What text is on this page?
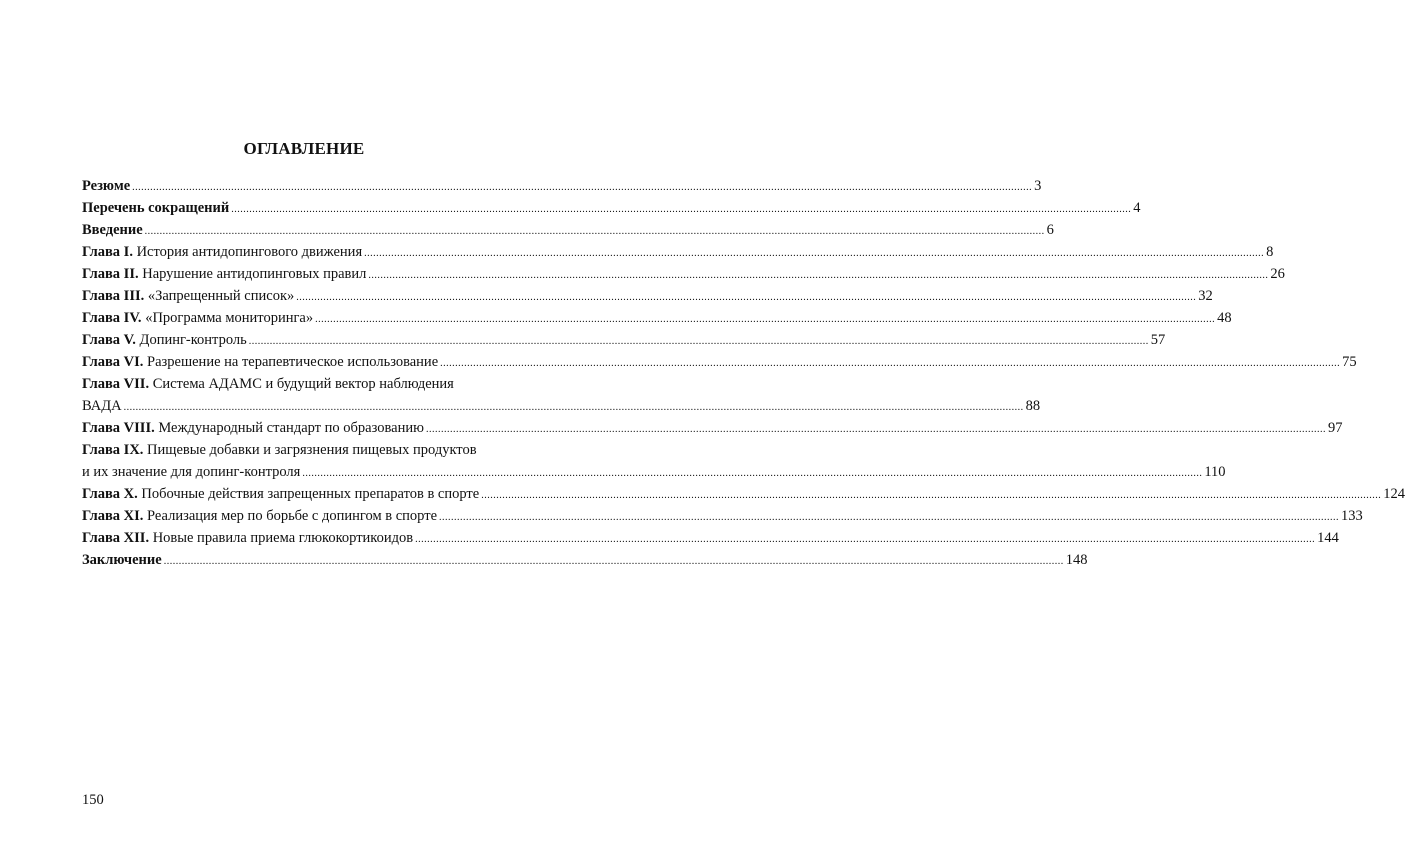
ОГЛАВЛЕНИЕ
Резюме ............................................................................................................................................................................................................................................................................................................ 3
Перечень сокращений ............................................................................................................................................................................................................................................................................................................ 4
Введение ............................................................................................................................................................................................................................................................................................................ 6
Глава I.
История антидопингового движения ............................................................................................................................................................................................................................................................................................................ 8
Глава II.
Нарушение антидопинговых правил ............................................................................................................................................................................................................................................................................................................ 26
Глава III.
«Запрещенный список» ............................................................................................................................................................................................................................................................................................................ 32
Глава IV.
«Программа мониторинга» ............................................................................................................................................................................................................................................................................................................ 48
Глава V.
Допинг-контроль ............................................................................................................................................................................................................................................................................................................ 57
Глава VI.
Разрешение на терапевтическое использование ............................................................................................................................................................................................................................................................................................................ 75
Глава VII.
Система АДАМС и будущий вектор наблюдения
ВАДА ............................................................................................................................................................................................................................................................................................................ 88
Глава VIII.
Международный стандарт по образованию ............................................................................................................................................................................................................................................................................................................ 97
Глава IX.
Пищевые добавки и загрязнения пищевых продуктов
и их значение для допинг-контроля ............................................................................................................................................................................................................................................................................................................ 110
Глава X.
Побочные действия запрещенных препаратов в спорте ............................................................................................................................................................................................................................................................................................................ 124
Глава XI.
Реализация мер по борьбе с допингом в спорте ............................................................................................................................................................................................................................................................................................................ 133
Глава XII.
Новые правила приема глюкокортикоидов ............................................................................................................................................................................................................................................................................................................ 144
Заключение ............................................................................................................................................................................................................................................................................................................ 148
150
